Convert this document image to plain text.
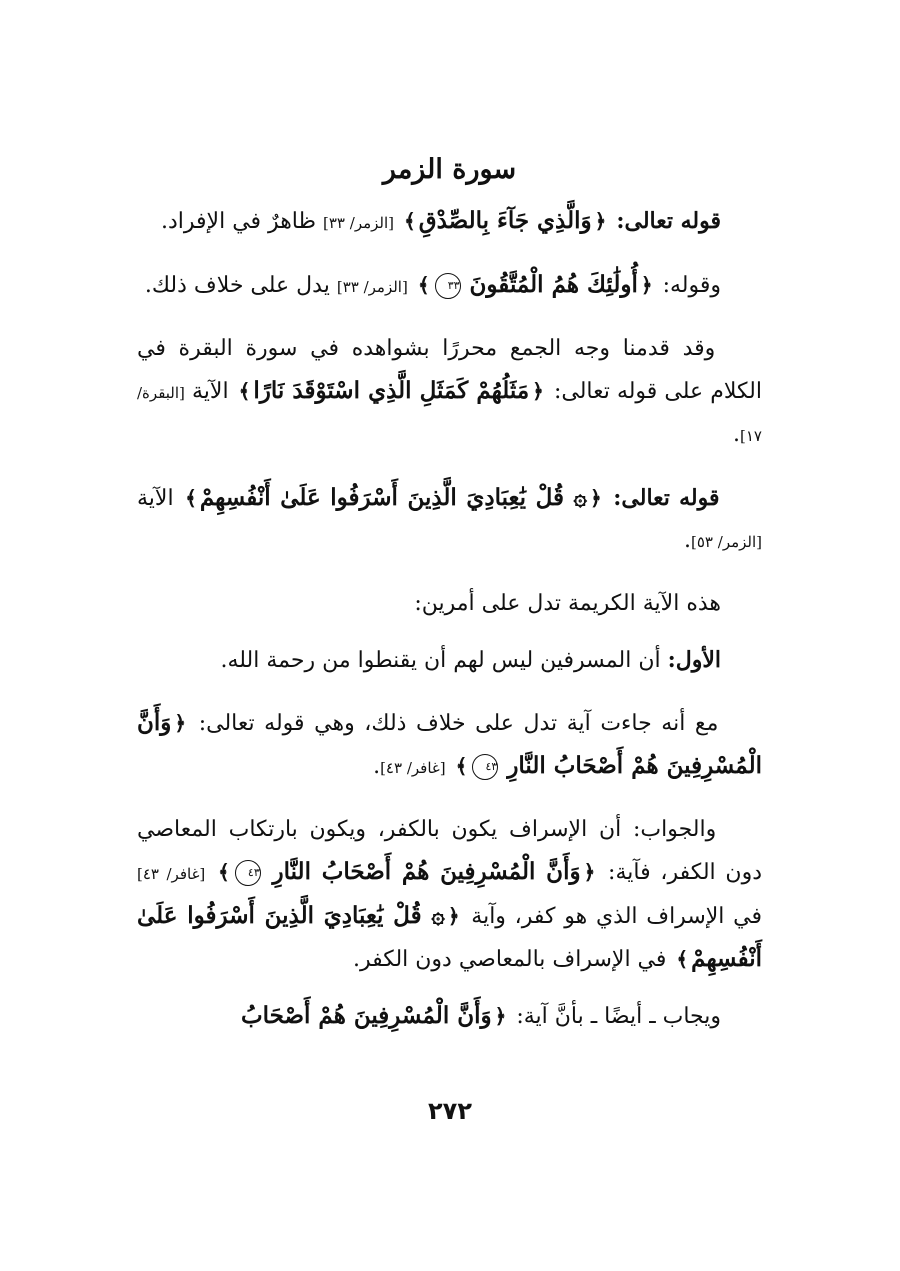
سورة الزمر

قوله تعالى: ﴿وَالَّذِي جَآءَ بِالصِّدْقِ﴾ [الزمر/ ٣٣] ظاهرٌ في الإفراد.

وقوله: ﴿أُولَٰئِكَ هُمُ الْمُتَّقُونَ ٣٣﴾ [الزمر/ ٣٣] يدل على خلاف ذلك.

وقد قدمنا وجه الجمع محررًا بشواهده في سورة البقرة في الكلام على قوله تعالى: ﴿مَثَلُهُمْ كَمَثَلِ الَّذِي اسْتَوْقَدَ نَارًا﴾ الآية [البقرة/ ١٧].

قوله تعالى: ﴿۞ قُلْ يَٰعِبَادِيَ الَّذِينَ أَسْرَفُوا عَلَىٰ أَنْفُسِهِمْ﴾ الآية [الزمر/ ٥٣].

هذه الآية الكريمة تدل على أمرين:

الأول: أن المسرفين ليس لهم أن يقنطوا من رحمة الله.

مع أنه جاءت آية تدل على خلاف ذلك، وهي قوله تعالى: ﴿وَأَنَّ الْمُسْرِفِينَ هُمْ أَصْحَابُ النَّارِ ٤٣﴾ [غافر/ ٤٣].

والجواب: أن الإسراف يكون بالكفر، ويكون بارتكاب المعاصي دون الكفر، فآية: ﴿وَأَنَّ الْمُسْرِفِينَ هُمْ أَصْحَابُ النَّارِ ٤٣﴾ [غافر/ ٤٣] في الإسراف الذي هو كفر، وآية ﴿۞ قُلْ يَٰعِبَادِيَ الَّذِينَ أَسْرَفُوا عَلَىٰ أَنْفُسِهِمْ﴾ في الإسراف بالمعاصي دون الكفر.

ويجاب ـ أيضًا ـ بأنَّ آية: ﴿وَأَنَّ الْمُسْرِفِينَ هُمْ أَصْحَابُ

٢٧٢
